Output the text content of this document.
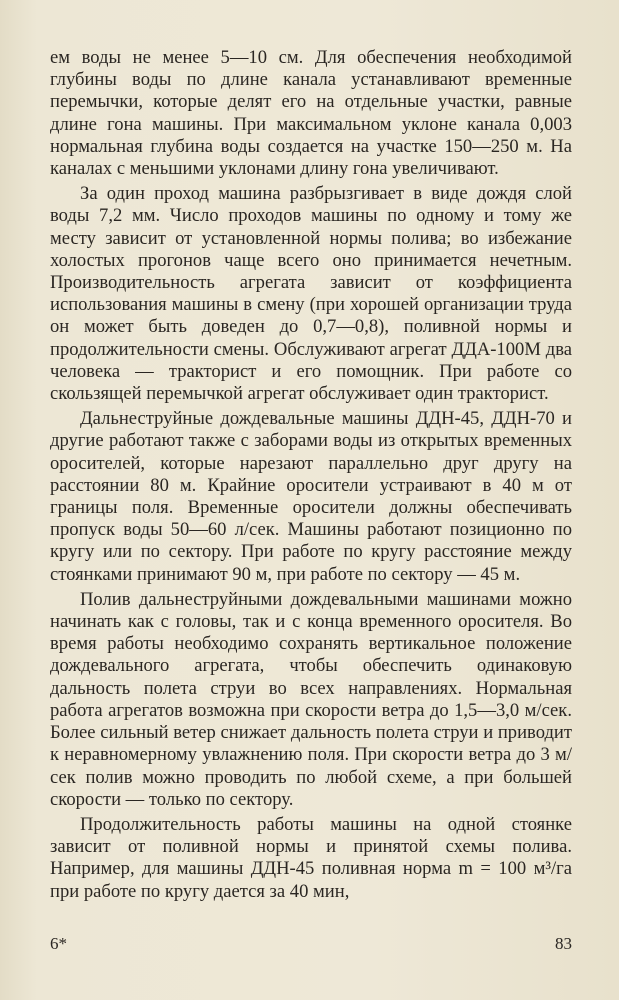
ем воды не менее 5—10 см. Для обеспечения необходимой глубины воды по длине канала устанавливают временные перемычки, которые делят его на отдельные участки, равные длине гона машины. При максимальном уклоне канала 0,003 нормальная глубина воды создается на участке 150—250 м. На каналах с меньшими уклонами длину гона увеличивают.

За один проход машина разбрызгивает в виде дождя слой воды 7,2 мм. Число проходов машины по одному и тому же месту зависит от установленной нормы полива; во избежание холостых прогонов чаще всего оно принимается нечетным. Производительность агрегата зависит от коэффициента использования машины в смену (при хорошей организации труда он может быть доведен до 0,7—0,8), поливной нормы и продолжительности смены. Обслуживают агрегат ДДА-100М два человека — тракторист и его помощник. При работе со скользящей перемычкой агрегат обслуживает один тракторист.

Дальнеструйные дождевальные машины ДДН-45, ДДН-70 и другие работают также с заборами воды из открытых временных оросителей, которые нарезают параллельно друг другу на расстоянии 80 м. Крайние оросители устраивают в 40 м от границы поля. Временные оросители должны обеспечивать пропуск воды 50—60 л/сек. Машины работают позиционно по кругу или по сектору. При работе по кругу расстояние между стоянками принимают 90 м, при работе по сектору — 45 м.

Полив дальнеструйными дождевальными машинами можно начинать как с головы, так и с конца временного оросителя. Во время работы необходимо сохранять вертикальное положение дождевального агрегата, чтобы обеспечить одинаковую дальность полета струи во всех направлениях. Нормальная работа агрегатов возможна при скорости ветра до 1,5—3,0 м/сек. Более сильный ветер снижает дальность полета струи и приводит к неравномерному увлажнению поля. При скорости ветра до 3 м/сек полив можно проводить по любой схеме, а при большей скорости — только по сектору.

Продолжительность работы машины на одной стоянке зависит от поливной нормы и принятой схемы полива. Например, для машины ДДН-45 поливная норма m = 100 м³/га при работе по кругу дается за 40 мин,

6*	83
